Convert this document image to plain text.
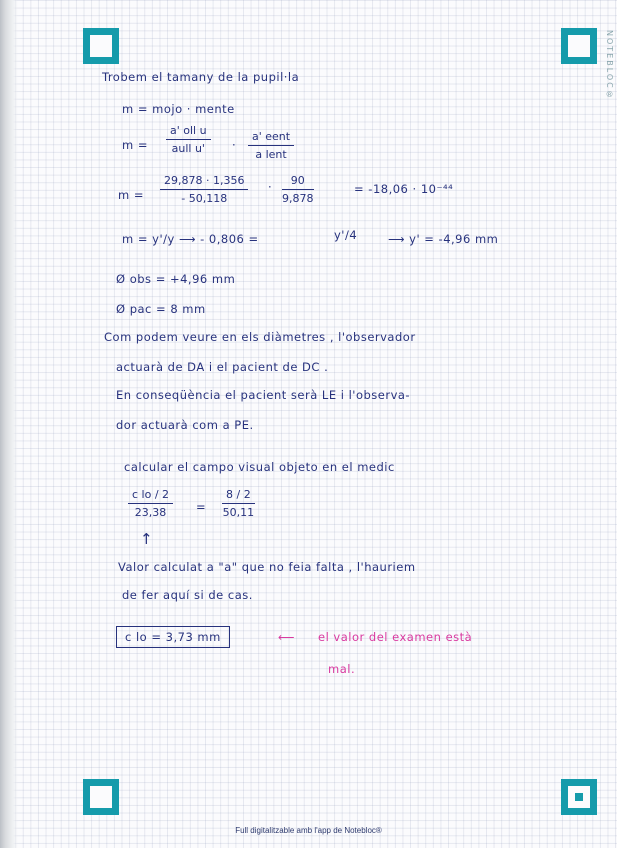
NOTEBLOC®
Trobem el tamany de la pupil·la
m = mojo · mente
m =
a' oll u
aull u'	·
a' eent
a lent
$m = \frac{29,878 \cdot 1,356}{- 50,118} \cdot \frac{90}{9,878}$	= -18,06 · 10⁻⁴⁴
m = y'/y ⟶ - 0,806 =	y'/4	⟶ y' = -4,96 mm
Ø obs = +4,96 mm
Ø pac = 8 mm
Com podem veure en els diàmetres , l'observador
actuarà de DA i el pacient de DC .
En conseqüència el pacient serà LE i l'observa-
dor actuarà com a PE.
calcular el campo visual objeto en el medic
$\frac{\text{c lo / 2}}{23,38} = \frac{8 / 2}{50,11}$
↑
Valor calculat a "a" que no feia falta , l'hauriem
de fer aquí si de cas.
c lo = 3,73 mm	⟵ el valor del examen està
mal.
Full digitalitzable amb l'app de Notebloc®
